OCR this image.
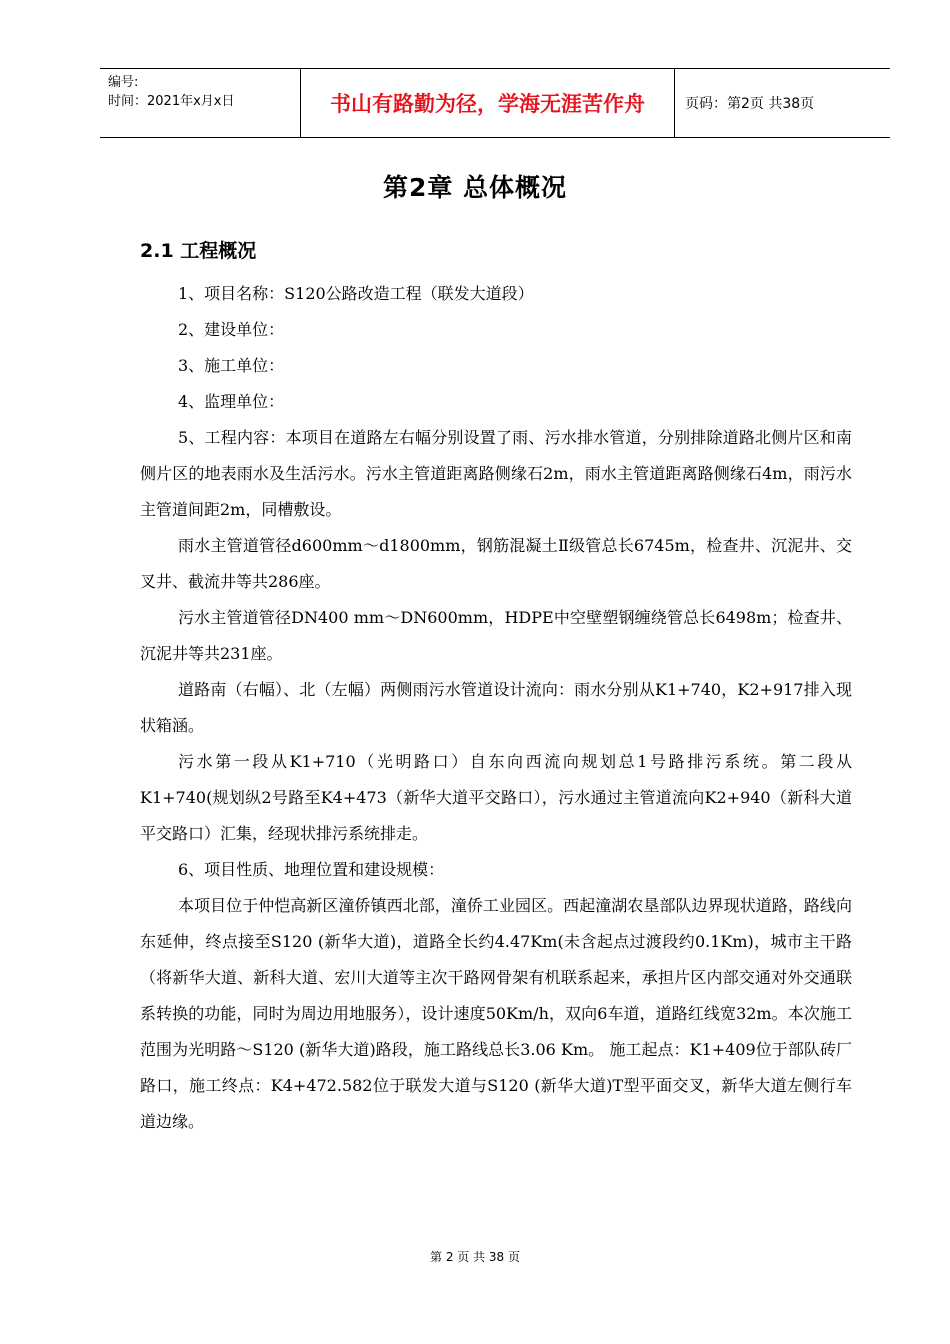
编号:
时间：2021年x月x日	书山有路勤为径，学海无涯苦作舟	页码：第2页 共38页
第2章 总体概况
2.1 工程概况

1、项目名称：S120公路改造工程（联发大道段）

2、建设单位：

3、施工单位：

4、监理单位：

5、工程内容：本项目在道路左右幅分别设置了雨、污水排水管道，分别排除道路北侧片区和南侧片区的地表雨水及生活污水。污水主管道距离路侧缘石2m，雨水主管道距离路侧缘石4m，雨污水主管道间距2m，同槽敷设。

雨水主管道管径d600mm～d1800mm，钢筋混凝土Ⅱ级管总长6745m，检查井、沉泥井、交叉井、截流井等共286座。

污水主管道管径DN400 mm～DN600mm，HDPE中空壁塑钢缠绕管总长6498m；检查井、沉泥井等共231座。

道路南（右幅）、北（左幅）两侧雨污水管道设计流向：雨水分别从K1+740，K2+917排入现状箱涵。

污水第一段从K1+710（光明路口）自东向西流向规划总1号路排污系统。第二段从K1+740(规划纵2号路至K4+473（新华大道平交路口），污水通过主管道流向K2+940（新科大道平交路口）汇集，经现状排污系统排走。

6、项目性质、地理位置和建设规模：

本项目位于仲恺高新区潼侨镇西北部，潼侨工业园区。西起潼湖农垦部队边界现状道路，路线向东延伸，终点接至S120 (新华大道)，道路全长约4.47Km(未含起点过渡段约0.1Km)，城市主干路（将新华大道、新科大道、宏川大道等主次干路网骨架有机联系起来，承担片区内部交通对外交通联系转换的功能，同时为周边用地服务），设计速度50Km/h，双向6车道，道路红线宽32m。本次施工范围为光明路～S120 (新华大道)路段，施工路线总长3.06 Km。 施工起点：K1+409位于部队砖厂路口，施工终点：K4+472.582位于联发大道与S120 (新华大道)T型平面交叉，新华大道左侧行车道边缘。

第 2 页 共 38 页
